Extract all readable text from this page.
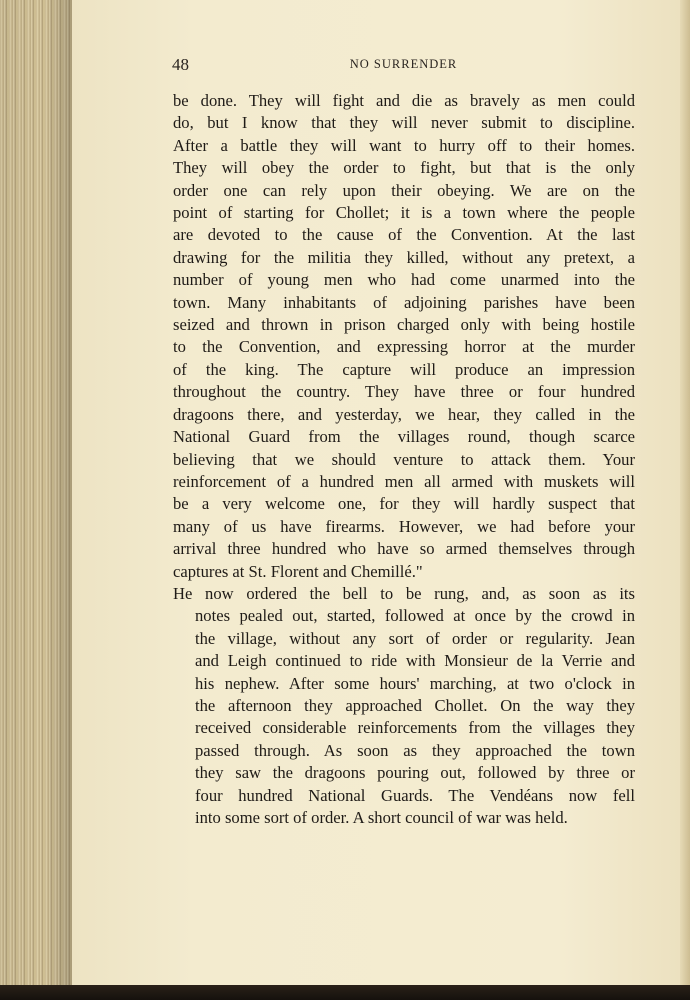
48	NO SURRENDER
be done. They will fight and die as bravely as men could
do, but I know that they will never submit to discipline.
After a battle they will want to hurry off to their homes.
They will obey the order to fight, but that is the only
order one can rely upon their obeying. We are on the
point of starting for Chollet; it is a town where the people
are devoted to the cause of the Convention. At the last
drawing for the militia they killed, without any pretext, a
number of young men who had come unarmed into the
town. Many inhabitants of adjoining parishes have been
seized and thrown in prison charged only with being hostile
to the Convention, and expressing horror at the murder
of the king. The capture will produce an impression
throughout the country. They have three or four hundred
dragoons there, and yesterday, we hear, they called in the
National Guard from the villages round, though scarce
believing that we should venture to attack them. Your
reinforcement of a hundred men all armed with muskets will
be a very welcome one, for they will hardly suspect that
many of us have firearms. However, we had before your
arrival three hundred who have so armed themselves through
captures at St. Florent and Chemillé."
He now ordered the bell to be rung, and, as soon as its
notes pealed out, started, followed at once by the crowd in
the village, without any sort of order or regularity. Jean
and Leigh continued to ride with Monsieur de la Verrie and
his nephew. After some hours' marching, at two o'clock in
the afternoon they approached Chollet. On the way they
received considerable reinforcements from the villages they
passed through. As soon as they approached the town
they saw the dragoons pouring out, followed by three or
four hundred National Guards. The Vendéans now fell
into some sort of order. A short council of war was held.
